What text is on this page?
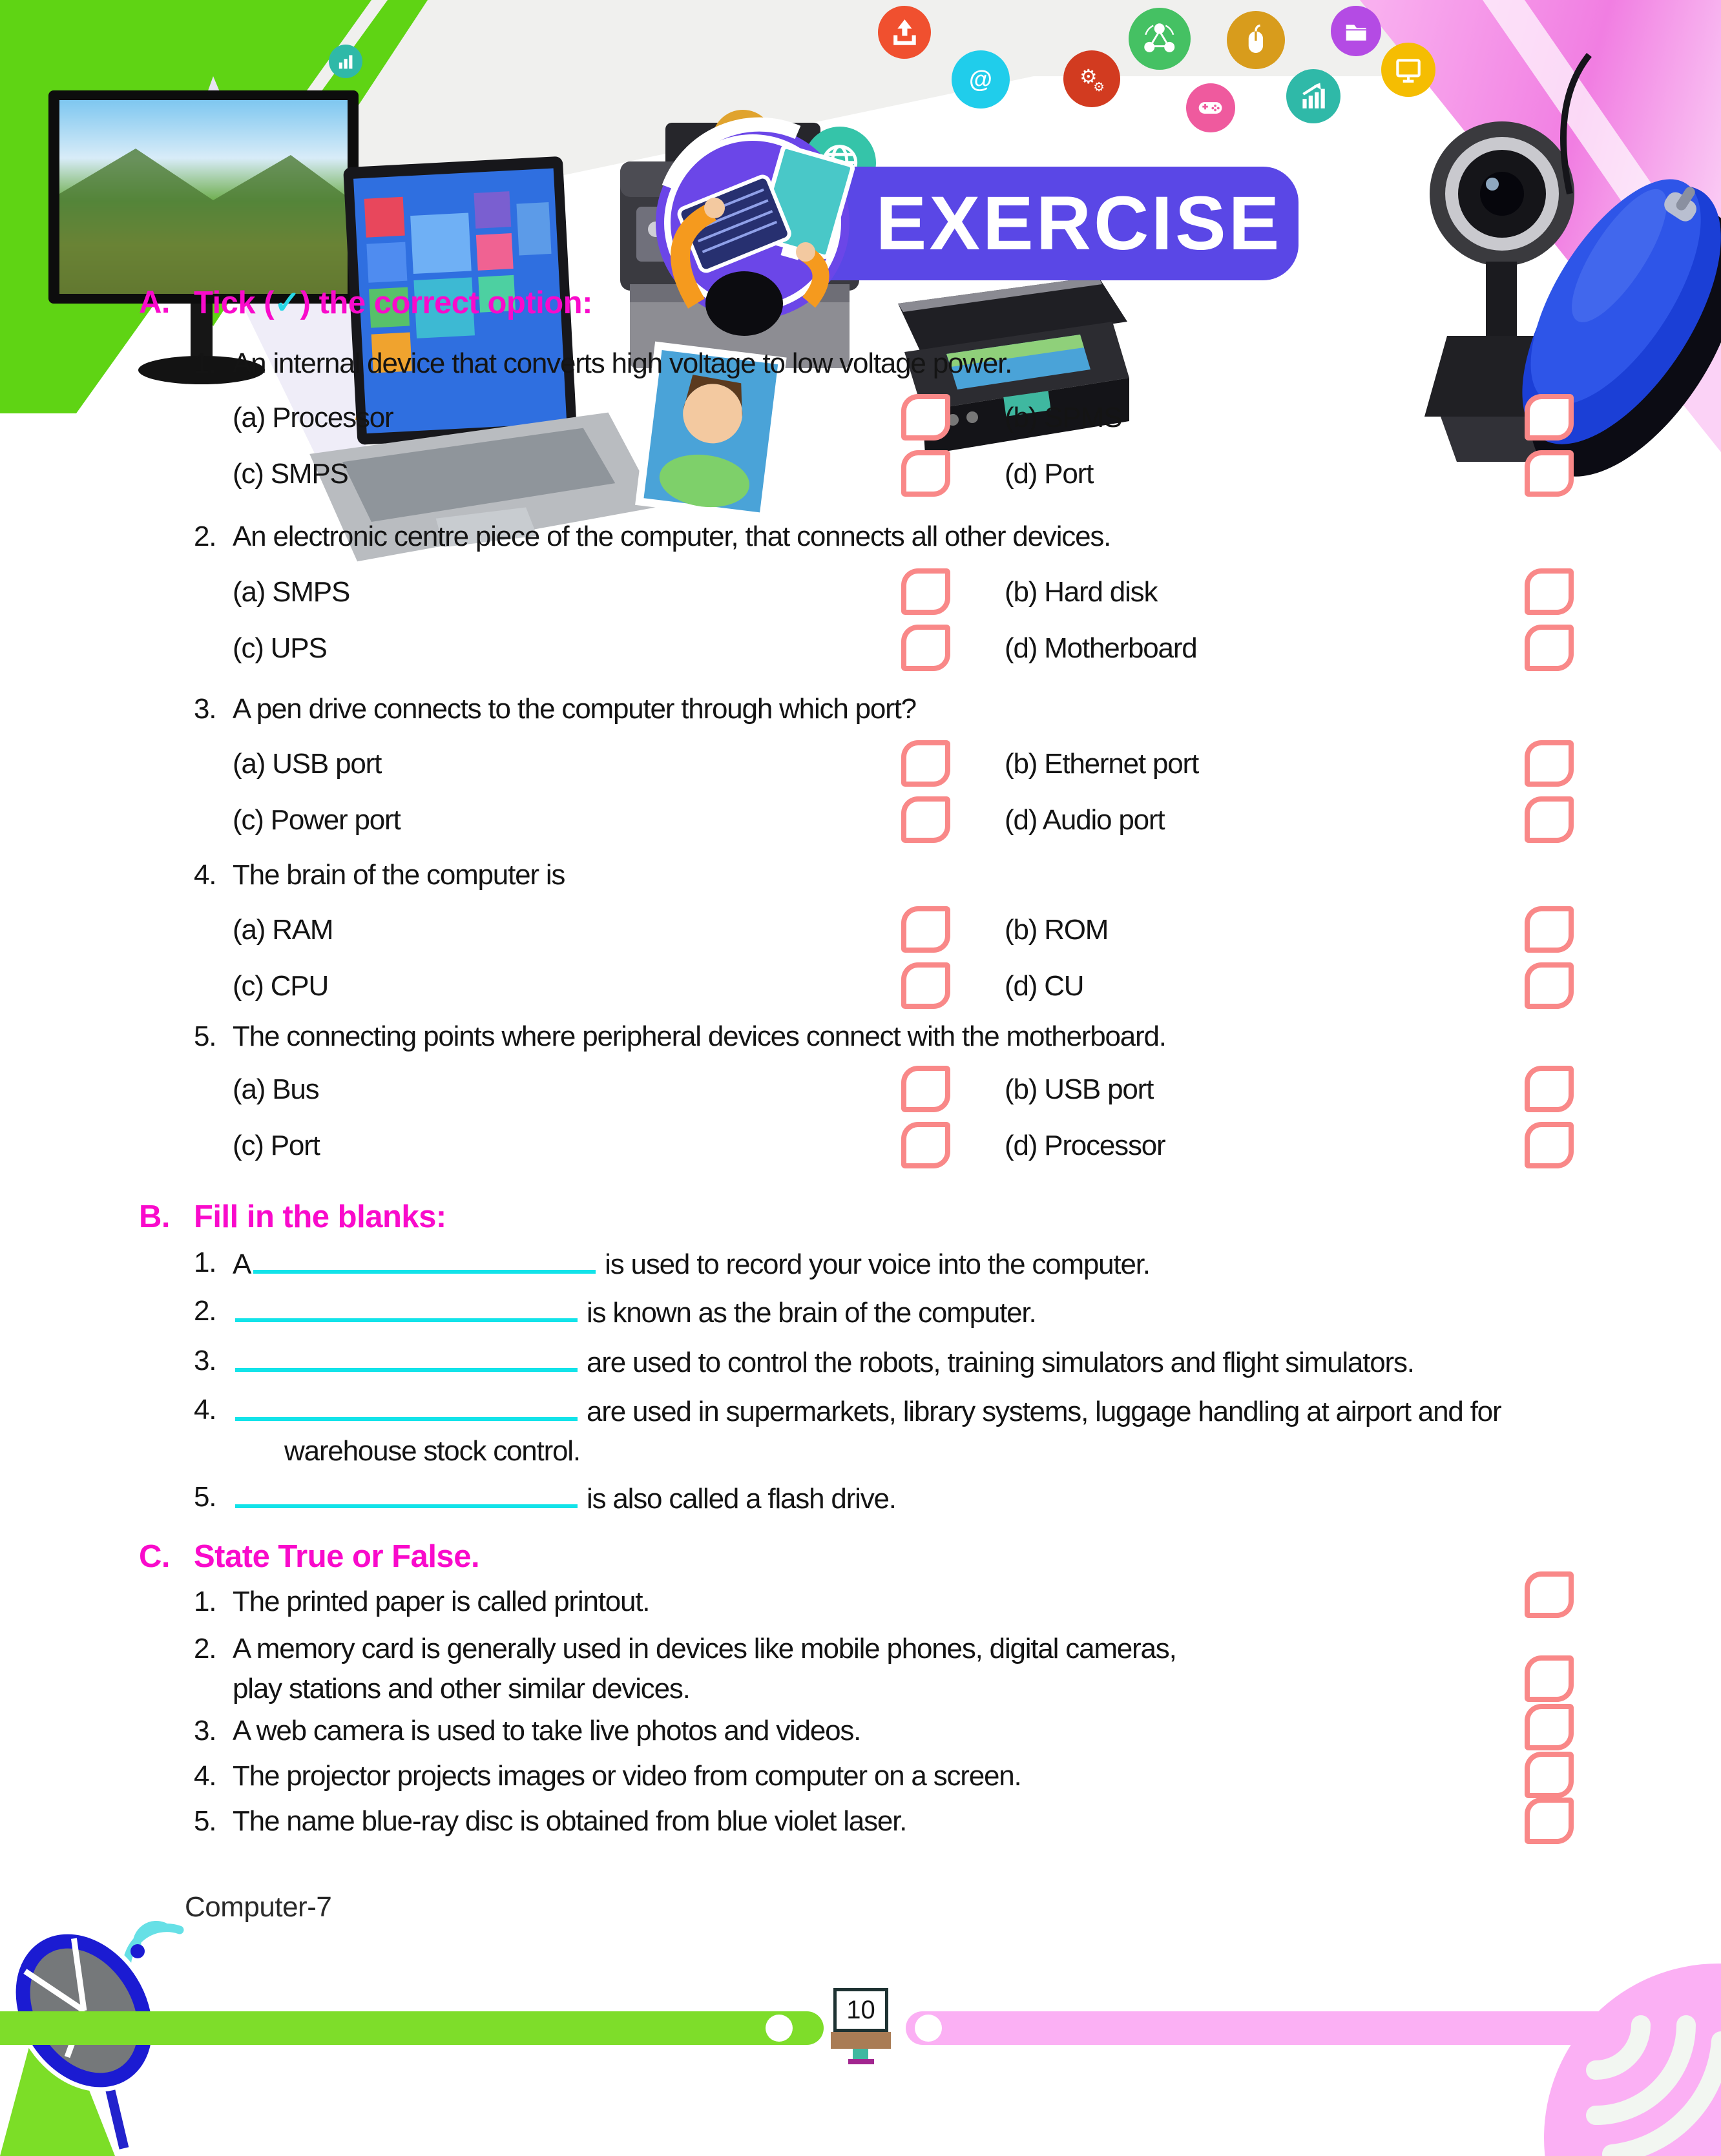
@ ⚙
⚙
EXERCISE
A. Tick (✓) the correct option:
1. An internal device that converts high voltage to low voltage power.
(a) Processor	(b) SPMS
(c) SMPS	(d) Port
2. An electronic centre piece of the computer, that connects all other devices.
(a) SMPS	(b) Hard disk
(c) UPS	(d) Motherboard
3. A pen drive connects to the computer through which port?
(a) USB port	(b) Ethernet port
(c) Power port	(d) Audio port
4. The brain of the computer is
(a) RAM	(b) ROM
(c) CPU	(d) CU
5. The connecting points where peripheral devices connect with the motherboard.
(a) Bus	(b) USB port
(c) Port	(d) Processor
B. Fill in the blanks:
1. A	is used to record your voice into the computer.
2.	is known as the brain of the computer.
3.	are used to control the robots, training simulators and flight simulators.
4.	are used in supermarkets, library systems, luggage handling at airport and for
warehouse stock control.
5.	is also called a flash drive.
C. State True or False.
1. The printed paper is called printout.
2. A memory card is generally used in devices like mobile phones, digital cameras,
play stations and other similar devices.
3. A web camera is used to take live photos and videos.
4. The projector projects images or video from computer on a screen.
5. The name blue-ray disc is obtained from blue violet laser.
Computer-7
10
